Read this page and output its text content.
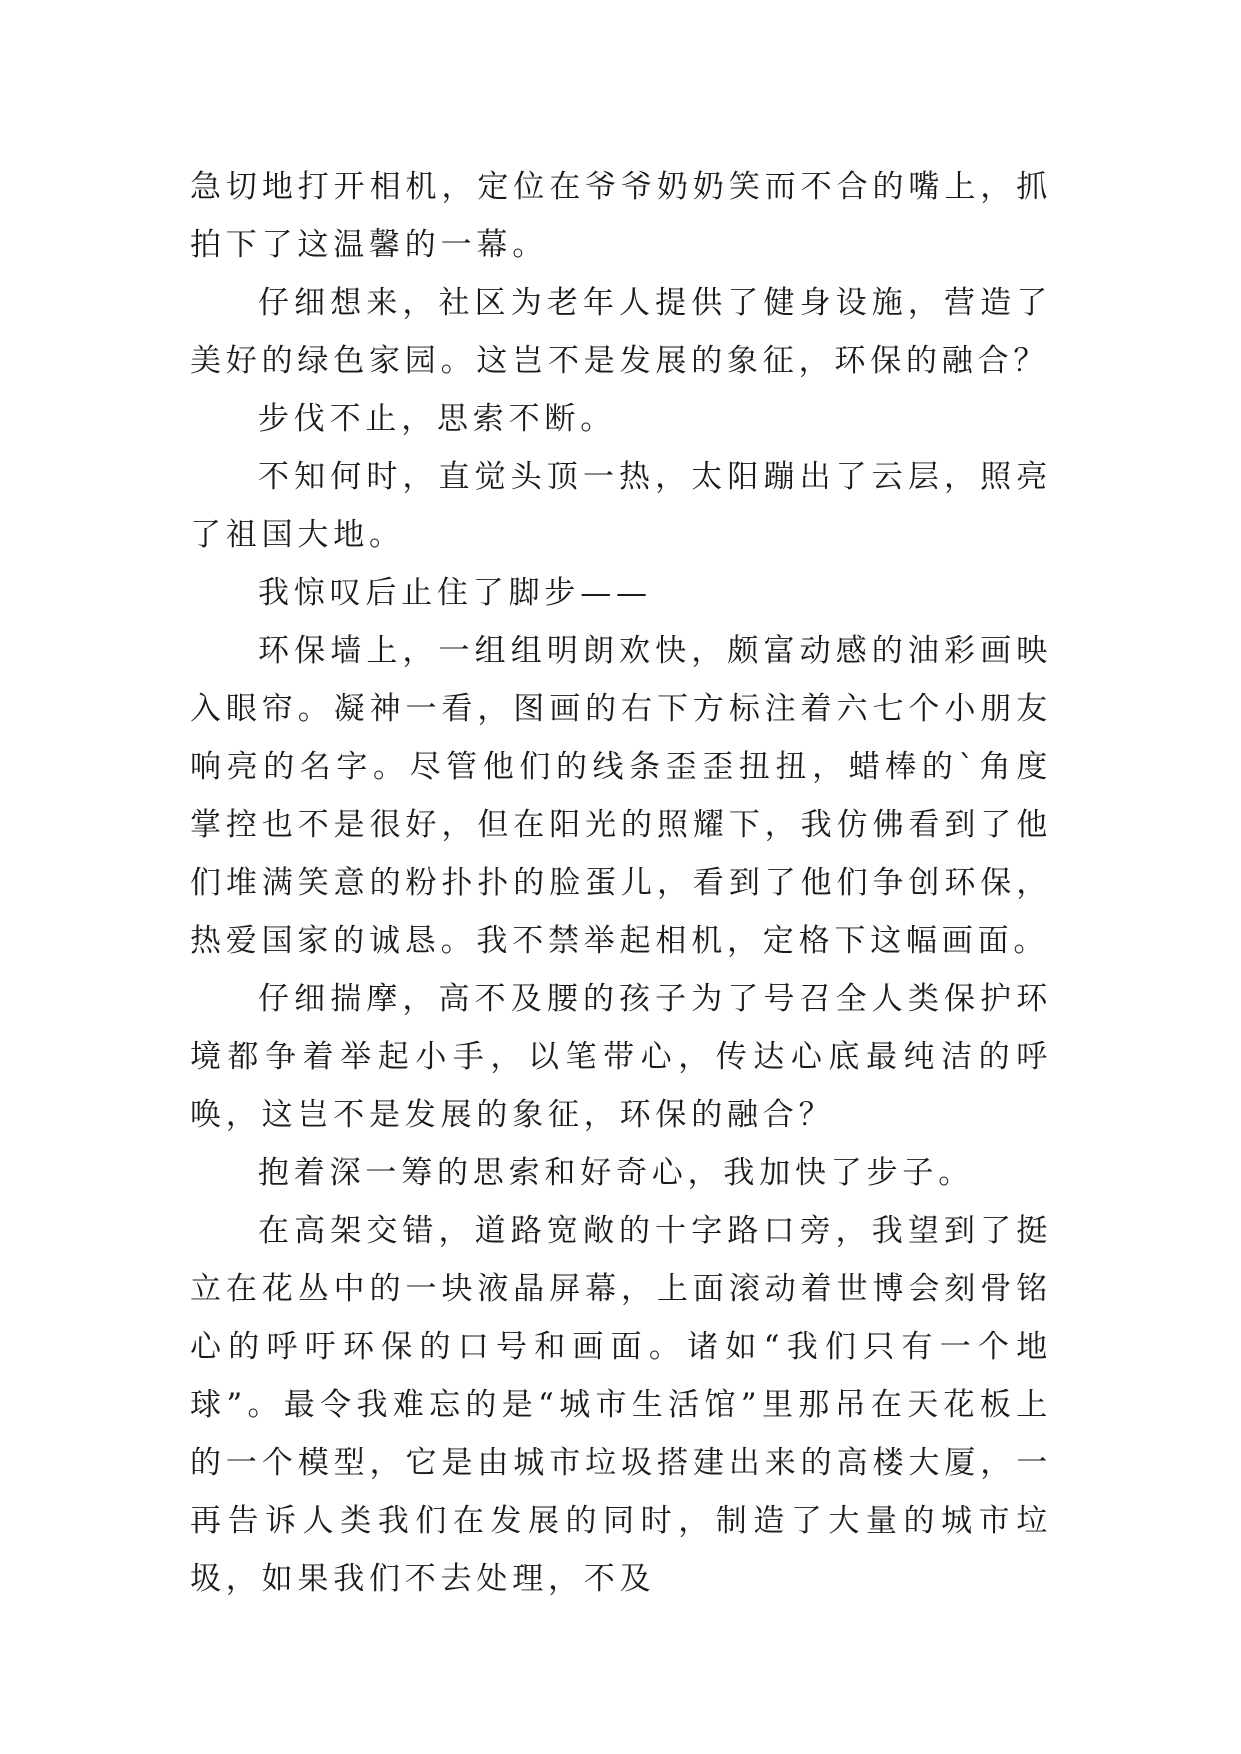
急切地打开相机，定位在爷爷奶奶笑而不合的嘴上，抓拍下了这温馨的一幕。

仔细想来，社区为老年人提供了健身设施，营造了美好的绿色家园。这岂不是发展的象征，环保的融合？

步伐不止，思索不断。

不知何时，直觉头顶一热，太阳蹦出了云层，照亮了祖国大地。

我惊叹后止住了脚步——

环保墙上，一组组明朗欢快，颇富动感的油彩画映入眼帘。凝神一看，图画的右下方标注着六七个小朋友响亮的名字。尽管他们的线条歪歪扭扭，蜡棒的`角度掌控也不是很好，但在阳光的照耀下，我仿佛看到了他们堆满笑意的粉扑扑的脸蛋儿，看到了他们争创环保，热爱国家的诚恳。我不禁举起相机，定格下这幅画面。

仔细揣摩，高不及腰的孩子为了号召全人类保护环境都争着举起小手，以笔带心，传达心底最纯洁的呼唤，这岂不是发展的象征，环保的融合？

抱着深一筹的思索和好奇心，我加快了步子。

在高架交错，道路宽敞的十字路口旁，我望到了挺立在花丛中的一块液晶屏幕，上面滚动着世博会刻骨铭心的呼吁环保的口号和画面。诸如“我们只有一个地球”。最令我难忘的是“城市生活馆”里那吊在天花板上的一个模型，它是由城市垃圾搭建出来的高楼大厦，一再告诉人类我们在发展的同时，制造了大量的城市垃圾，如果我们不去处理，不及
